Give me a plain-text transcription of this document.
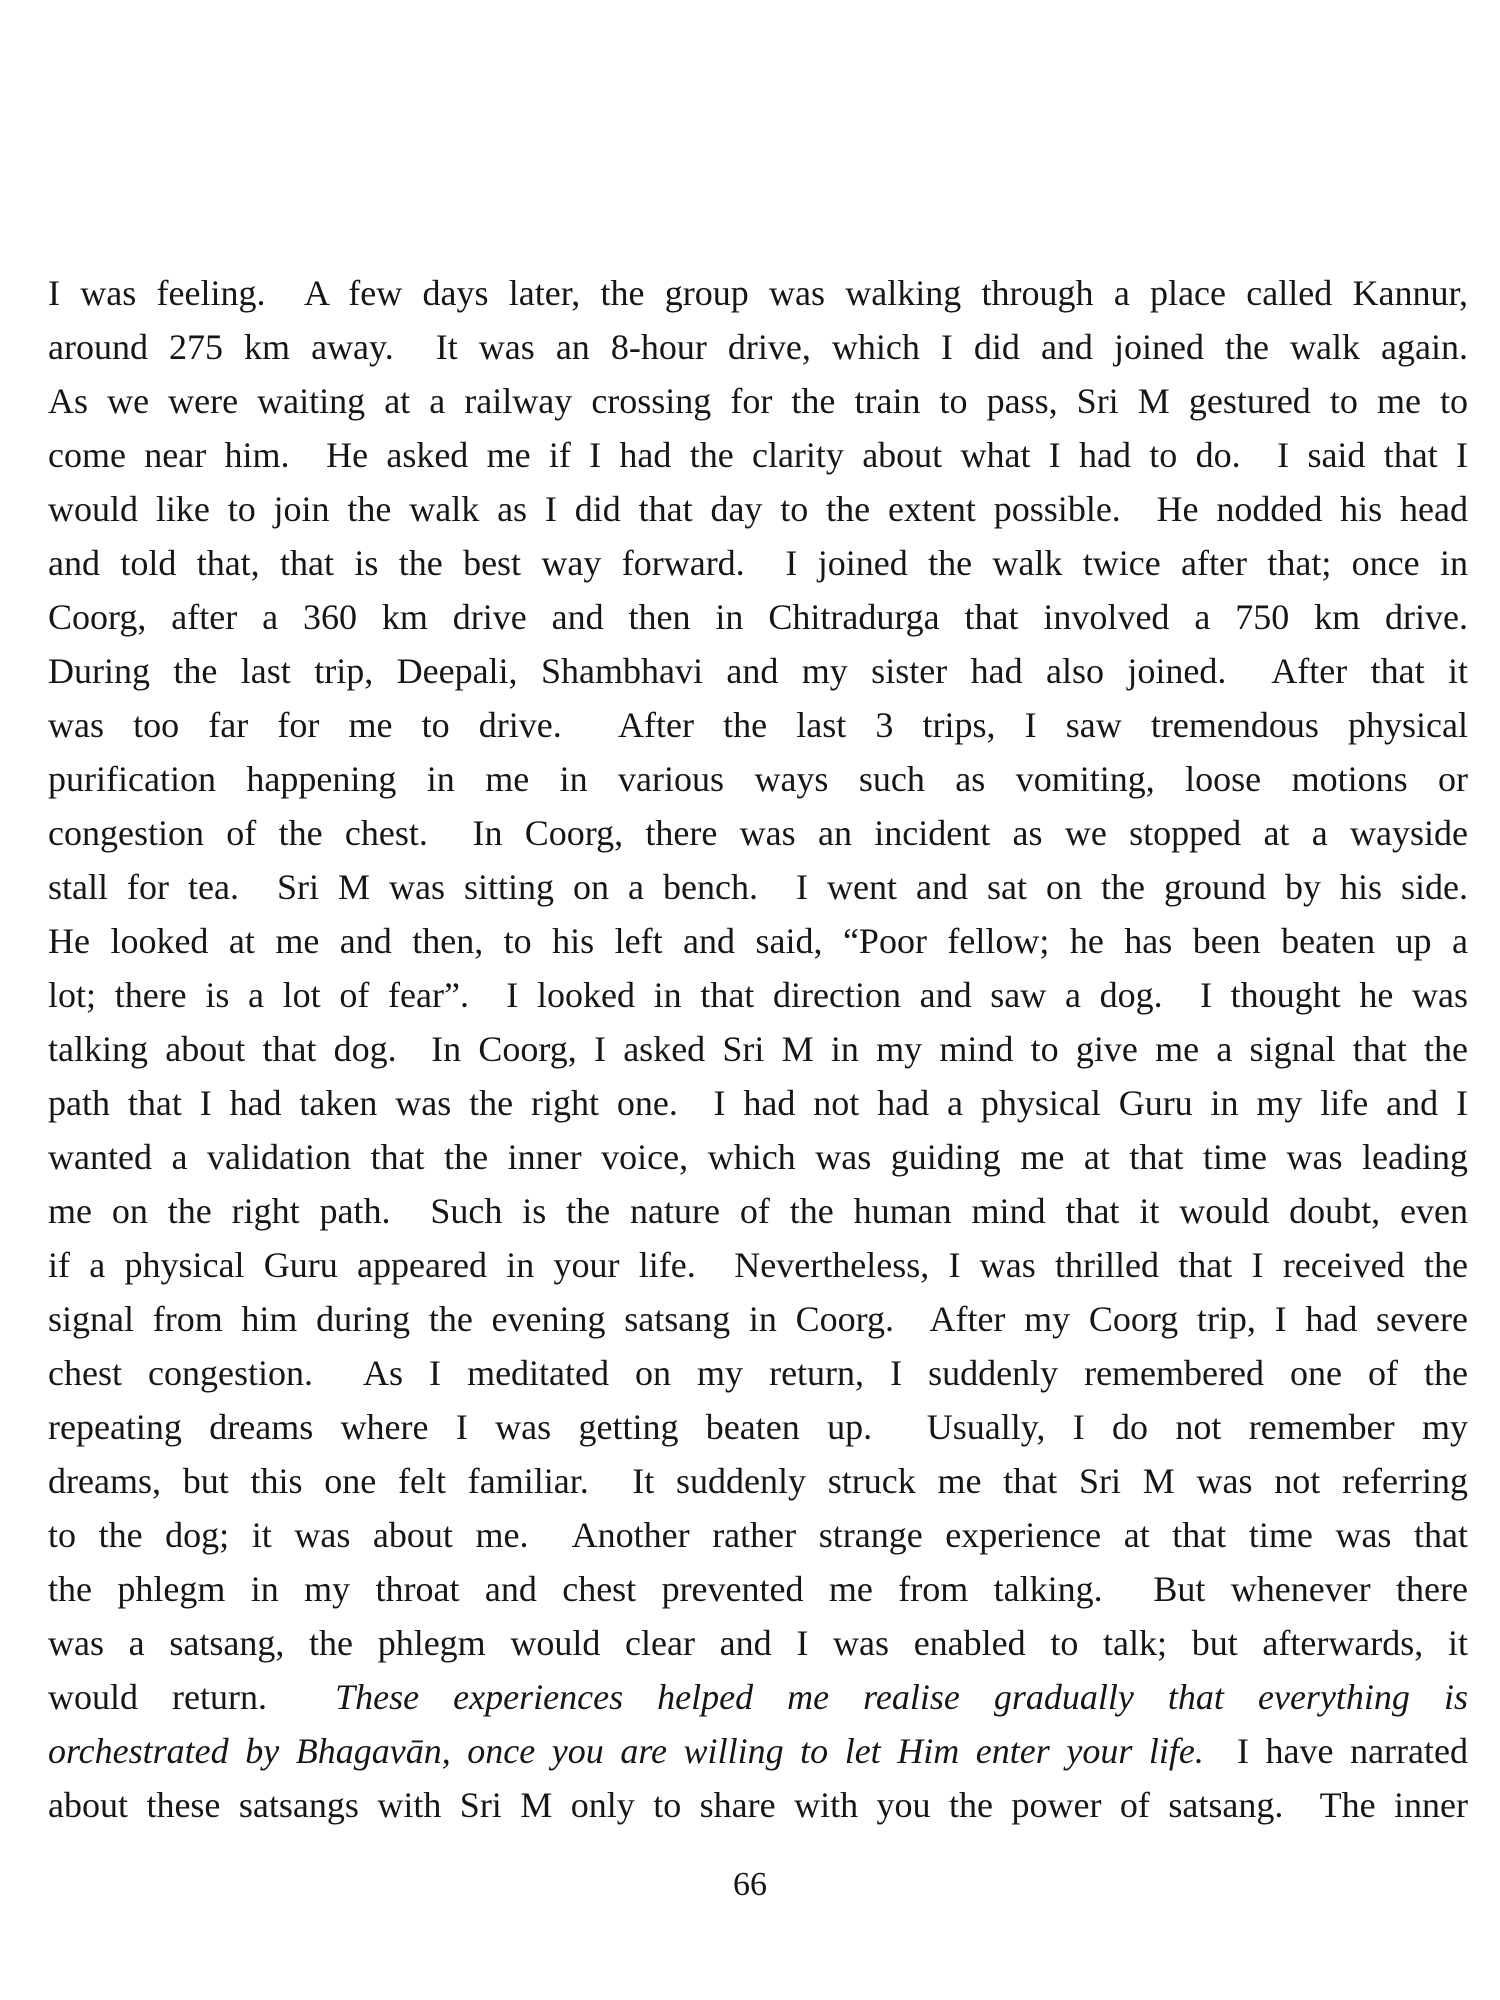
I was feeling.  A few days later, the group was walking through a place called Kannur,
around 275 km away.  It was an 8-hour drive, which I did and joined the walk again.
As we were waiting at a railway crossing for the train to pass, Sri M gestured to me to
come near him.  He asked me if I had the clarity about what I had to do.  I said that I
would like to join the walk as I did that day to the extent possible.  He nodded his head
and told that, that is the best way forward.  I joined the walk twice after that; once in
Coorg, after a 360 km drive and then in Chitradurga that involved a 750 km drive.
During the last trip, Deepali, Shambhavi and my sister had also joined.  After that it
was too far for me to drive.  After the last 3 trips, I saw tremendous physical
purification happening in me in various ways such as vomiting, loose motions or
congestion of the chest.  In Coorg, there was an incident as we stopped at a wayside
stall for tea.  Sri M was sitting on a bench.  I went and sat on the ground by his side.
He looked at me and then, to his left and said, “Poor fellow; he has been beaten up a
lot; there is a lot of fear”.  I looked in that direction and saw a dog.  I thought he was
talking about that dog.  In Coorg, I asked Sri M in my mind to give me a signal that the
path that I had taken was the right one.  I had not had a physical Guru in my life and I
wanted a validation that the inner voice, which was guiding me at that time was leading
me on the right path.  Such is the nature of the human mind that it would doubt, even
if a physical Guru appeared in your life.  Nevertheless, I was thrilled that I received the
signal from him during the evening satsang in Coorg.  After my Coorg trip, I had severe
chest congestion.  As I meditated on my return, I suddenly remembered one of the
repeating dreams where I was getting beaten up.  Usually, I do not remember my
dreams, but this one felt familiar.  It suddenly struck me that Sri M was not referring
to the dog; it was about me.  Another rather strange experience at that time was that
the phlegm in my throat and chest prevented me from talking.  But whenever there
was a satsang, the phlegm would clear and I was enabled to talk; but afterwards, it
would return.  These experiences helped me realise gradually that everything is
orchestrated by Bhagavān, once you are willing to let Him enter your life.  I have narrated
about these satsangs with Sri M only to share with you the power of satsang.  The inner
66
